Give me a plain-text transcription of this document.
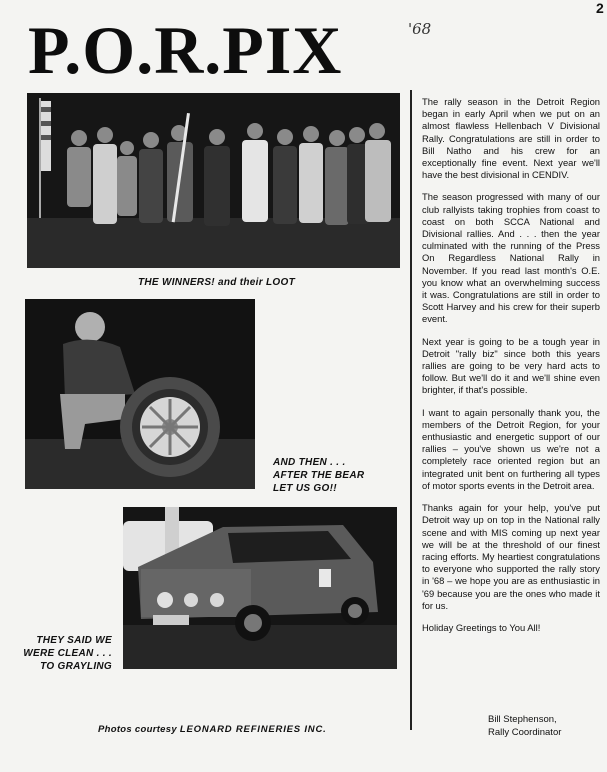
P.O.R.PIX	'68
2
THE WINNERS! and their LOOT
AND THEN . . .
AFTER THE BEAR
LET US GO!!
THEY SAID WE
WERE CLEAN . . .
TO GRAYLING
Photos courtesy LEONARD REFINERIES INC.

The rally season in the Detroit Region began in early April when we put on an almost flawless Hellenbach V Divisional Rally. Congratulations are still in order to Bill Natho and his crew for an exceptionally fine event. Next year we'll have the best divisional in CENDIV.

The season progressed with many of our club rallyists taking trophies from coast to coast on both SCCA National and Divisional rallies. And . . . then the year culminated with the running of the Press On Regardless National Rally in November. If you read last month's O.E. you know what an overwhelming success it was. Congratulations are still in order to Scott Harvey and his crew for their superb event.

Next year is going to be a tough year in Detroit "rally biz" since both this years rallies are going to be very hard acts to follow. But we'll do it and we'll shine even brighter, if that's possible.

I want to again personally thank you, the members of the Detroit Region, for your enthusiastic and energetic support of our rallies – you've shown us we're not a completely race oriented region but an integrated unit bent on furthering all types of motor sports events in the Detroit area.

Thanks again for your help, you've put Detroit way up on top in the National rally scene and with MIS coming up next year we will be at the threshold of our finest racing efforts. My heartiest congratulations to everyone who supported the rally story in '68 – we hope you are as enthusiastic in '69 because you are the ones who made it for us.

Holiday Greetings to You All!

Bill Stephenson,
Rally Coordinator
